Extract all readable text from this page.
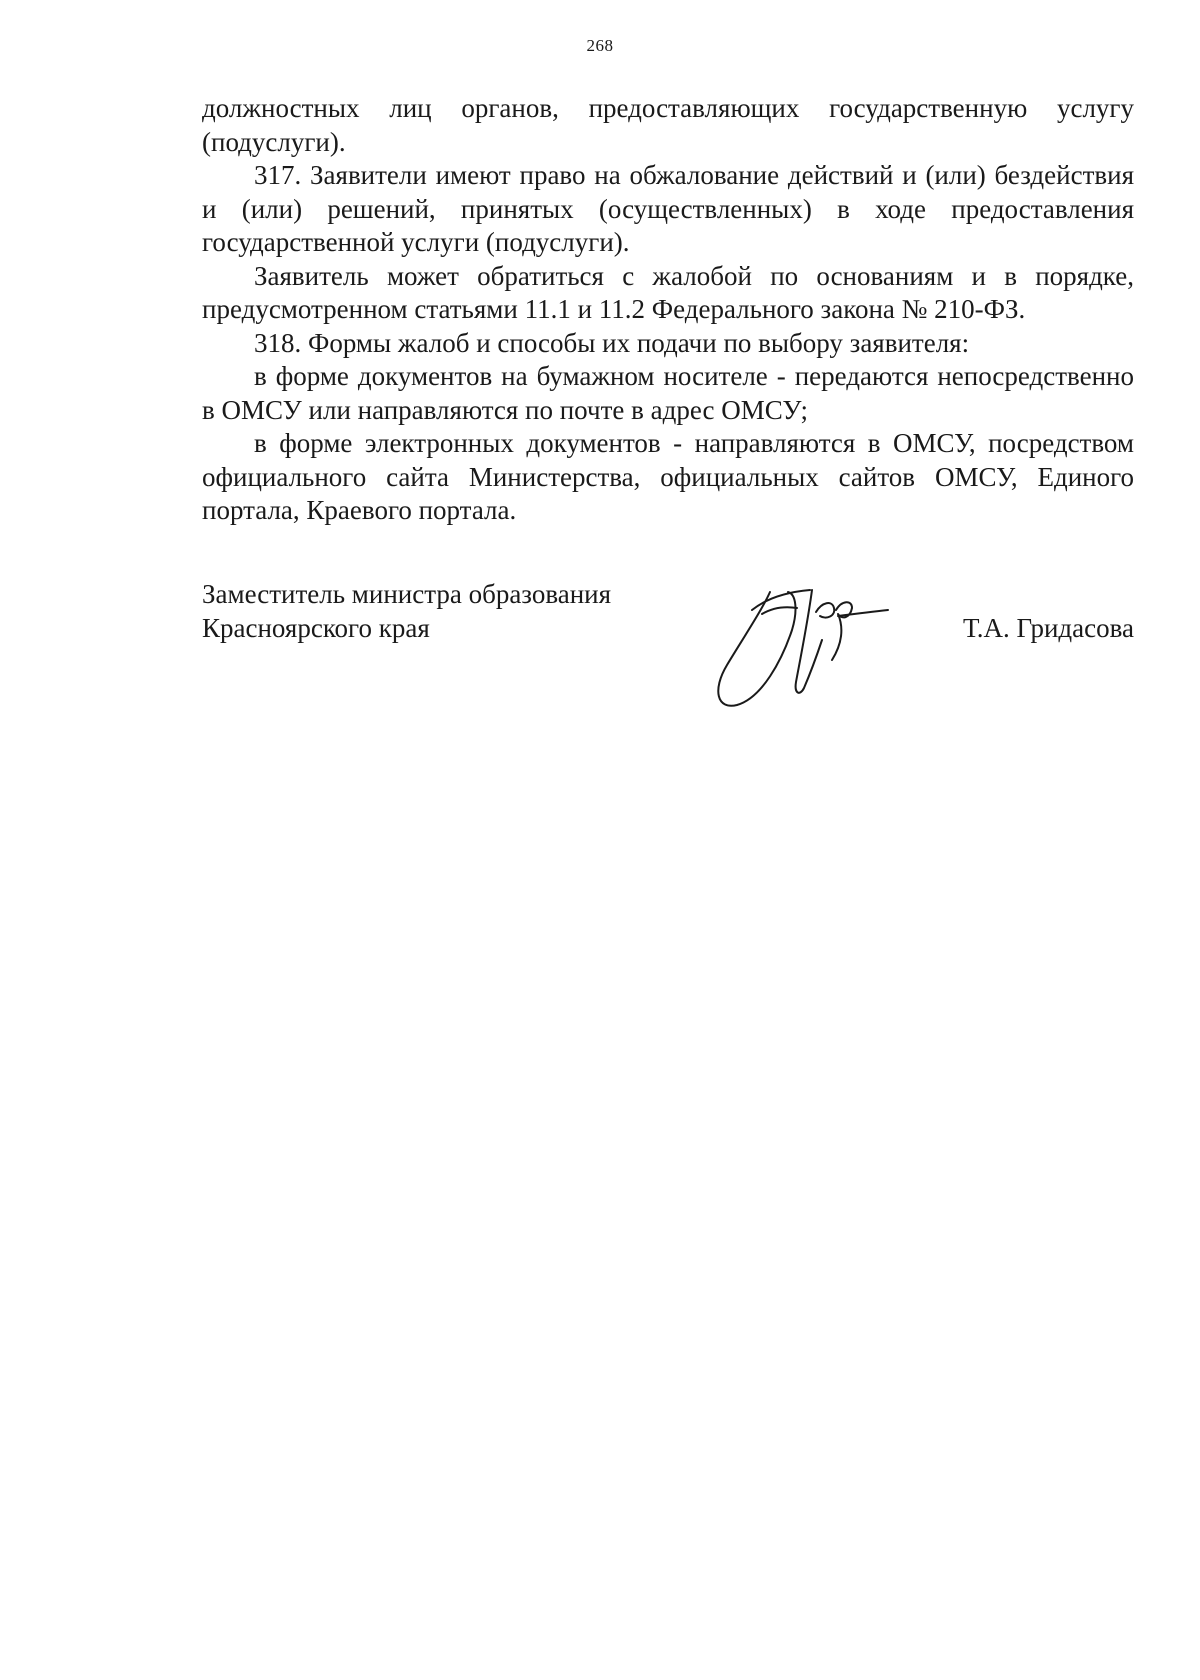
268

должностных лиц органов, предоставляющих государственную услугу (подуслуги).

317. Заявители имеют право на обжалование действий и (или) бездействия и (или) решений, принятых (осуществленных) в ходе предоставления государственной услуги (подуслуги).

Заявитель может обратиться с жалобой по основаниям и в порядке, предусмотренном статьями 11.1 и 11.2 Федерального закона № 210-ФЗ.

318. Формы жалоб и способы их подачи по выбору заявителя:

в форме документов на бумажном носителе - передаются непосредственно в ОМСУ или направляются по почте в адрес ОМСУ;

в форме электронных документов - направляются в ОМСУ, посредством официального сайта Министерства, официальных сайтов ОМСУ, Единого портала, Краевого портала.

Заместитель министра образования
Красноярского края	Т.А. Гридасова
